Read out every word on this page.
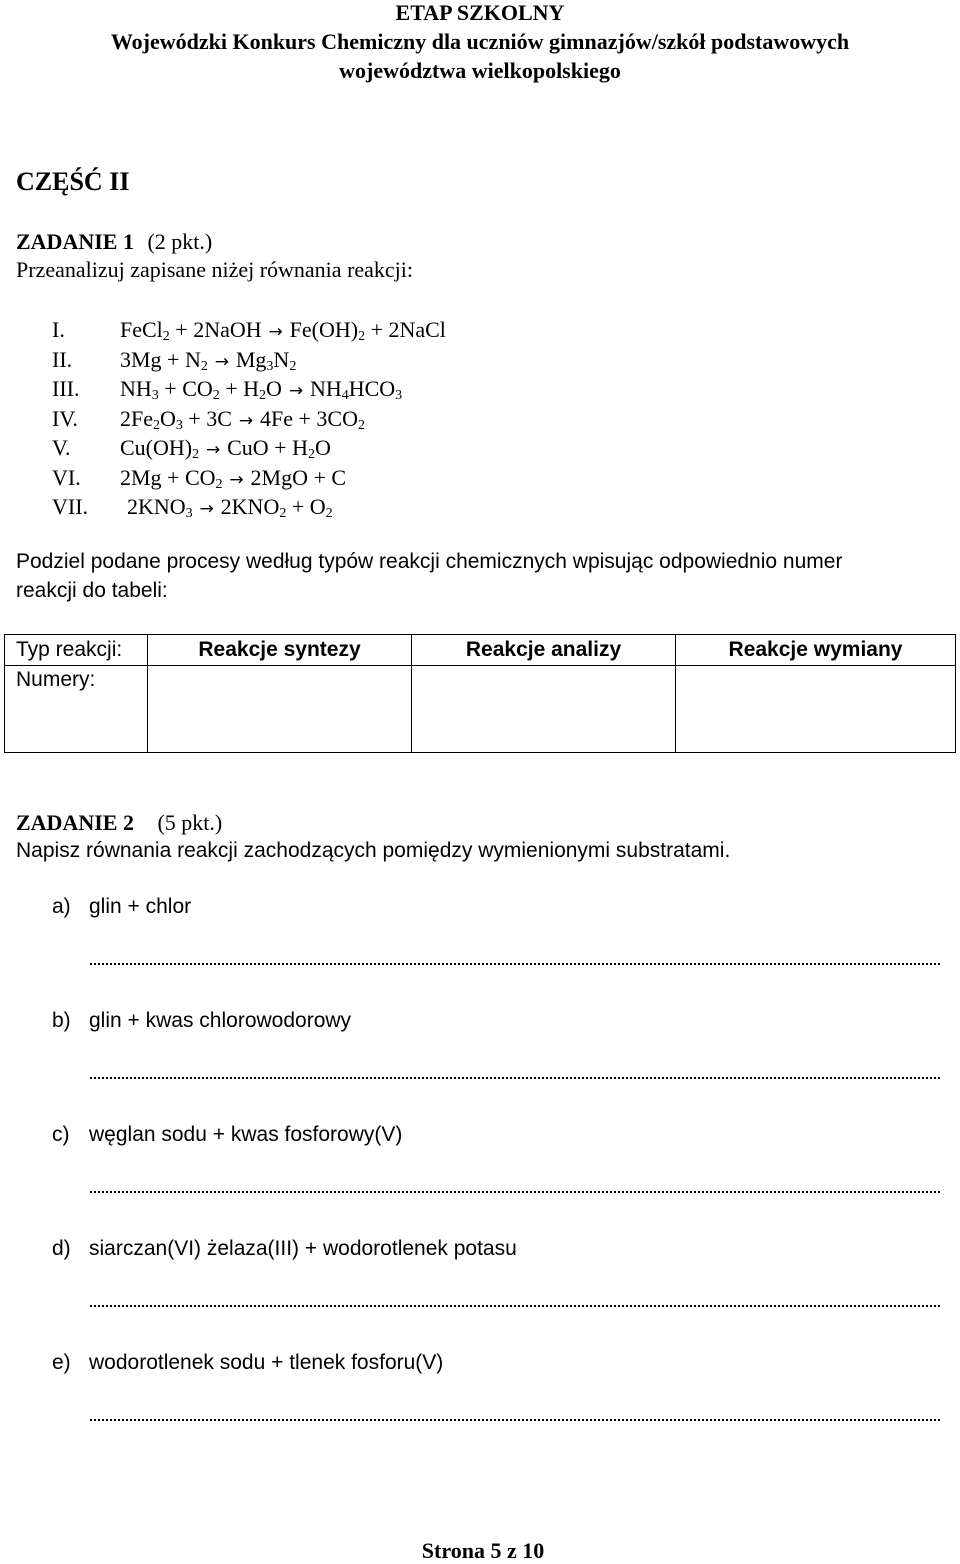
ETAP SZKOLNY
Wojewódzki Konkurs Chemiczny dla uczniów gimnazjów/szkół podstawowych
województwa wielkopolskiego
CZĘŚĆ II
ZADANIE 1 (2 pkt.)
Przeanalizuj zapisane niżej równania reakcji:
I.	FeCl$_2$ + 2NaOH → $Fe(OH)_2$ + 2NaCl
II. $3Mg + N_2 \to Mg_3N_2$
III. $NH_3 + CO_2 + H_2O \to NH_4HCO_3$
IV. $2Fe_2O_3 + 3C \to 4Fe + 3CO_2$
V. $Cu(OH)_2$ → CuO + $H_2O$
VI. $2Mg + CO_2 \to 2MgO + C$
VII. $2KNO_3 \to 2KNO_2 + O_2$
Podziel podane procesy według typów reakcji chemicznych wpisując odpowiednio numer
reakcji do tabeli:
Typ reakcji:	Reakcje syntezy	Reakcje analizy	Reakcje wymiany
Numery:			
ZADANIE 2 (5 pkt.)
Napisz równania reakcji zachodzących pomiędzy wymienionymi substratami.
a) glin + chlor
b) glin + kwas chlorowodorowy
c) węglan sodu + kwas fosforowy(V)
d) siarczan(VI) żelaza(III) + wodorotlenek potasu
e) wodorotlenek sodu + tlenek fosforu(V)
Strona 5 z 10
